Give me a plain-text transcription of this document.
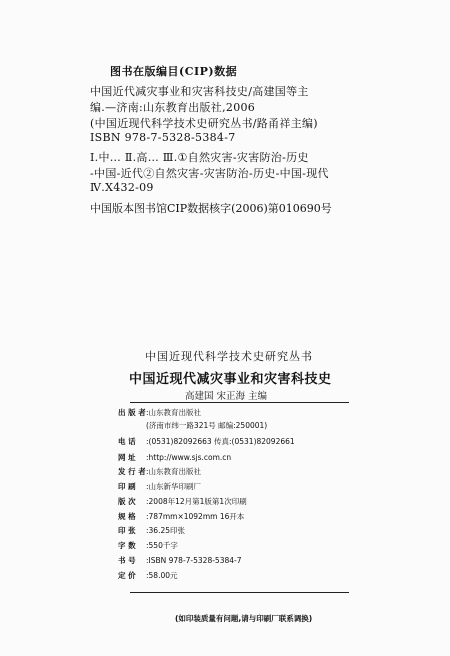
图书在版编目(CIP)数据
中国近代减灾事业和灾害科技史/高建国等主
编.—济南:山东教育出版社,2006
(中国近现代科学技术史研究丛书/路甬祥主编)
ISBN 978-7-5328-5384-7
Ⅰ.中… Ⅱ.高… Ⅲ.①自然灾害-灾害防治-历史
-中国-近代②自然灾害-灾害防治-历史-中国-现代
Ⅳ.X432-09
中国版本图书馆CIP数据核字(2006)第010690号
中国近现代科学技术史研究丛书
中国近现代减灾事业和灾害科技史
高建国 宋正海 主编
出 版 者:山东教育出版社
(济南市纬一路321号 邮编:250001)
电 话 :(0531)82092663 传真:(0531)82092661
网 址 :http://www.sjs.com.cn
发 行 者:山东教育出版社
印 刷 :山东新华印刷厂
版 次 :2008年12月第1版第1次印刷
规 格 :787mm×1092mm 16开本
印 张 :36.25印张
字 数 :550千字
书 号 :ISBN 978-7-5328-5384-7
定 价 :58.00元
(如印装质量有问题,请与印刷厂联系调换)
